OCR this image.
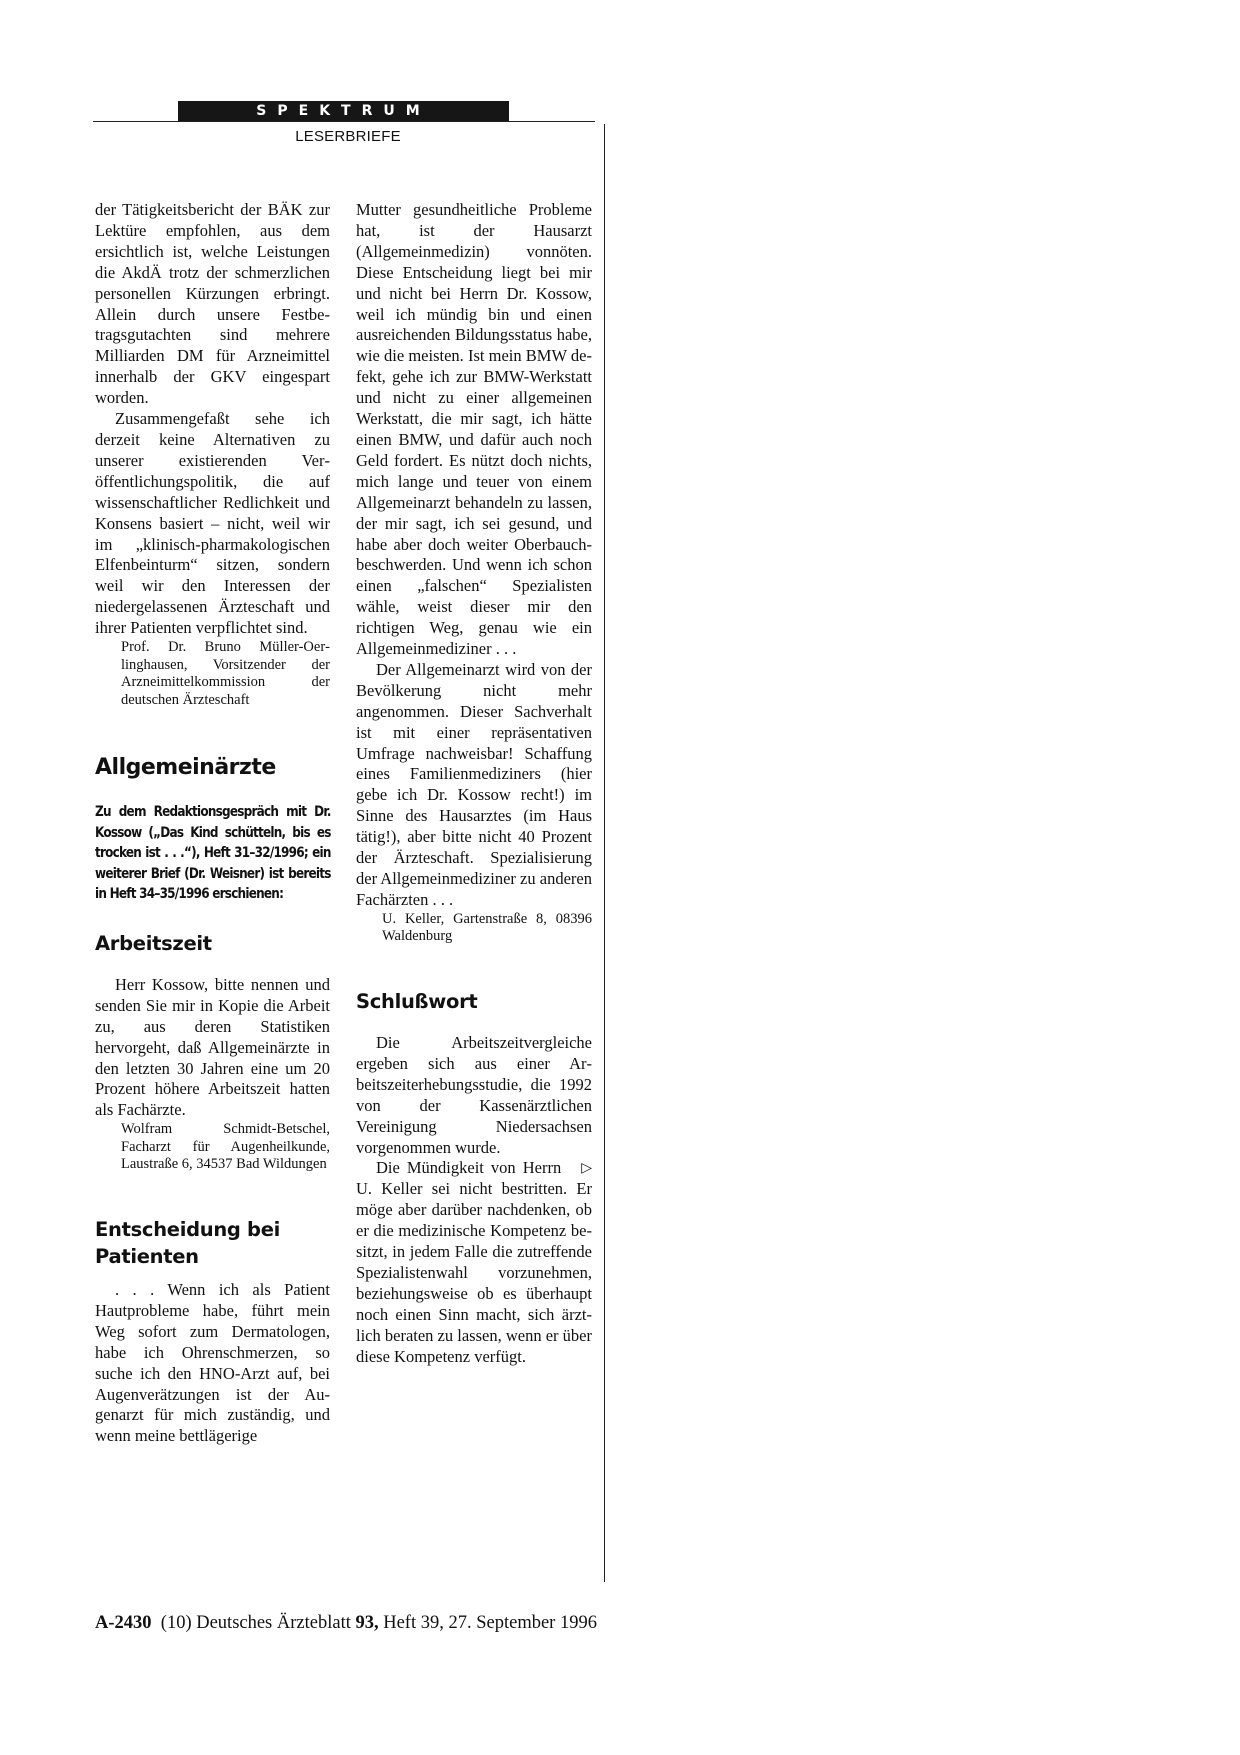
SPEKTRUM
LESERBRIEFE

der Tätigkeitsbericht der BÄK zur Lektüre empfohlen, aus dem ersichtlich ist, welche Leistungen die AkdÄ trotz der schmerzlichen personellen Kürzungen erbringt. Allein durch unsere Festbetragsgutachten sind mehrere Milliarden DM für Arzneimittel innerhalb der GKV eingespart worden.

Zusammengefaßt sehe ich derzeit keine Alternativen zu unserer existierenden Veröffentlichungspolitik, die auf wissenschaftlicher Redlichkeit und Konsens basiert – nicht, weil wir im „klinisch-pharmakologischen Elfenbeinturm“ sitzen, sondern weil wir den Interessen der niedergelassenen Ärzteschaft und ihrer Patienten verpflichtet sind.

Prof. Dr. Bruno Müller-Oerlinghausen, Vorsitzender der Arzneimittelkommission der deutschen Ärzteschaft
Allgemeinärzte
Zu dem Redaktionsgespräch mit Dr. Kossow („Das Kind schütteln, bis es trocken ist . . .“), Heft 31–32/1996; ein weiterer Brief (Dr. Weisner) ist bereits in Heft 34–35/1996 erschienen:
Arbeitszeit

Herr Kossow, bitte nennen und senden Sie mir in Kopie die Arbeit zu, aus deren Statistiken hervorgeht, daß Allgemeinärzte in den letzten 30 Jahren eine um 20 Prozent höhere Arbeitszeit hatten als Fachärzte.

Wolfram Schmidt-Betschel, Facharzt für Augenheilkunde, Laustraße 6, 34537 Bad Wildungen
Entscheidung bei Patienten

. . . Wenn ich als Patient Hautprobleme habe, führt mein Weg sofort zum Dermatologen, habe ich Ohrenschmerzen, so suche ich den HNO-Arzt auf, bei Augenverätzungen ist der Augenarzt für mich zuständig, und wenn meine bettlägerige

Mutter gesundheitliche Probleme hat, ist der Hausarzt (Allgemeinmedizin) vonnöten. Diese Entscheidung liegt bei mir und nicht bei Herrn Dr. Kossow, weil ich mündig bin und einen ausreichenden Bildungsstatus habe, wie die meisten. Ist mein BMW defekt, gehe ich zur BMW-Werkstatt und nicht zu einer allgemeinen Werkstatt, die mir sagt, ich hätte einen BMW, und dafür auch noch Geld fordert. Es nützt doch nichts, mich lange und teuer von einem Allgemeinarzt behandeln zu lassen, der mir sagt, ich sei gesund, und habe aber doch weiter Oberbauchbeschwerden. Und wenn ich schon einen „falschen“ Spezialisten wähle, weist dieser mir den richtigen Weg, genau wie ein Allgemeinmediziner . . .

Der Allgemeinarzt wird von der Bevölkerung nicht mehr angenommen. Dieser Sachverhalt ist mit einer repräsentativen Umfrage nachweisbar! Schaffung eines Familienmediziners (hier gebe ich Dr. Kossow recht!) im Sinne des Hausarztes (im Haus tätig!), aber bitte nicht 40 Prozent der Ärzteschaft. Spezialisierung der Allgemeinmediziner zu anderen Fachärzten . . .

U. Keller, Gartenstraße 8, 08396 Waldenburg
Schlußwort

Die Arbeitszeitvergleiche ergeben sich aus einer Arbeitszeiterhebungsstudie, die 1992 von der Kassenärztlichen Vereinigung Niedersachsen vorgenommen wurde.

▷
Die Mündigkeit von Herrn U. Keller sei nicht bestritten. Er möge aber darüber nachdenken, ob er die medizinische Kompetenz besitzt, in jedem Falle die zutreffende Spezialistenwahl vorzunehmen, beziehungsweise ob es überhaupt noch einen Sinn macht, sich ärztlich beraten zu lassen, wenn er über diese Kompetenz verfügt.

A-2430 (10) Deutsches Ärzteblatt 93, Heft 39, 27. September 1996
